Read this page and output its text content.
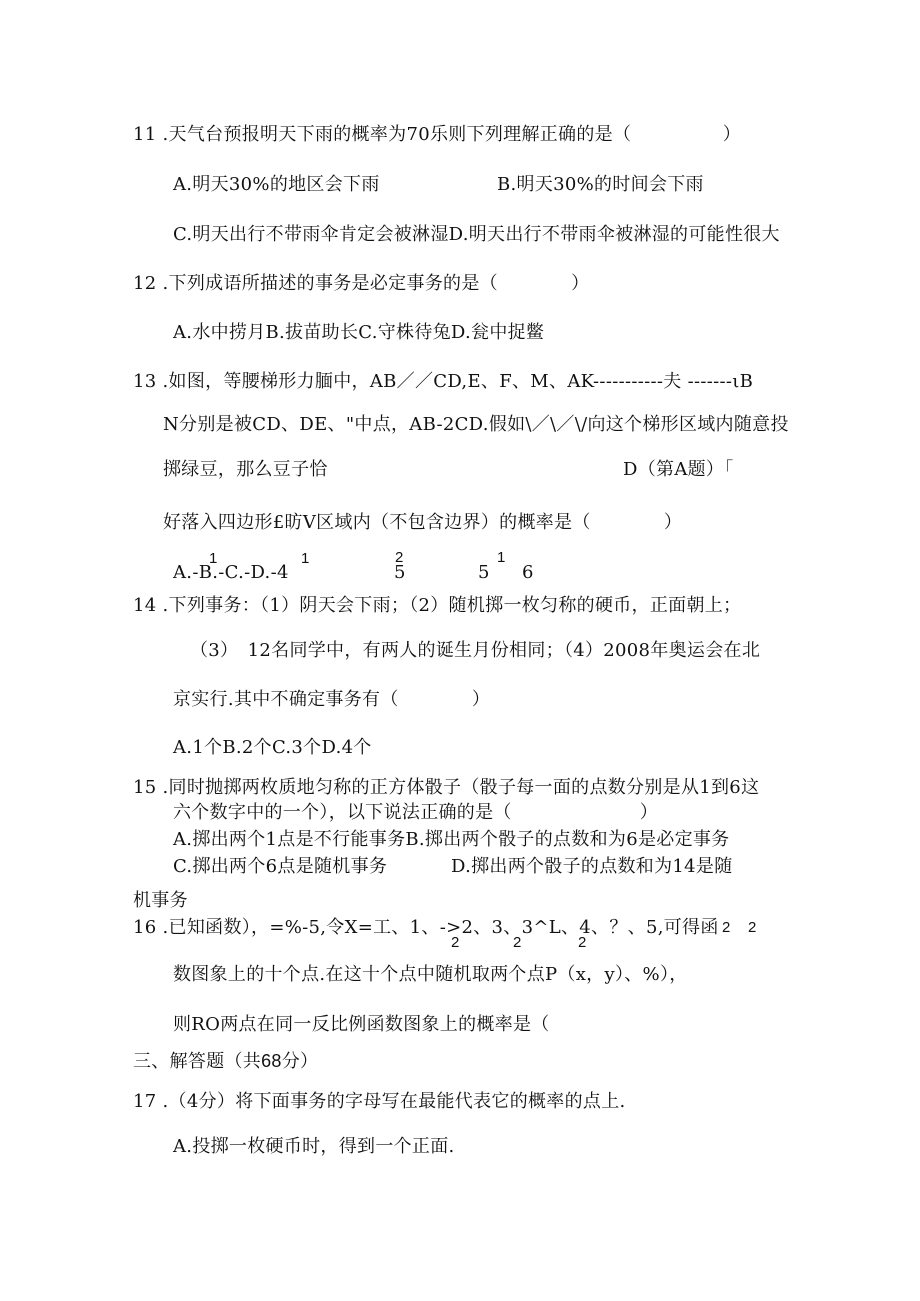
11 .天气台预报明天下雨的概率为70乐则下列理解正确的是（　　　　　）
A.明天30%的地区会下雨	B.明天30%的时间会下雨
C.明天出行不带雨伞肯定会被淋湿D.明天出行不带雨伞被淋湿的可能性很大
12 .下列成语所描述的事务是必定事务的是（　　　　）
A.水中捞月B.拔苗助长C.守株待兔D.瓮中捉鳖
13 .如图，等腰梯形力腼中，AB／／CD,E、F、M、AK-----------夫 -------ιB
N分别是被CD、DE、"中点，AB-2CD.假如\／\／\/向这个梯形区域内随意投
掷绿豆，那么豆子恰	D（第A题）「
好落入四边形£昉V区域内（不包含边界）的概率是（　　　　）
1	1	2	1
A.-B.-C.-D.-4	5	5 6
14 .下列事务：（1）阴天会下雨；（2）随机掷一枚匀称的硬币，正面朝上；
（3）　12名同学中，有两人的诞生月份相同；（4）2008年奥运会在北
京实行.其中不确定事务有（　　　　）
A.1个B.2个C.3个D.4个
15 .同时抛掷两枚质地匀称的正方体骰子（骰子每一面的点数分别是从1到6这
六个数字中的一个），以下说法正确的是（　　　　　　　）
A.掷出两个1点是不行能事务B.掷出两个骰子的点数和为6是必定事务
C.掷出两个6点是随机事务	D.掷出两个骰子的点数和为14是随
机事务
16 .已知函数），=%-5,令X=工、1、->2、3、3^L、4、？、5,可得函 2 2
2	2	2
数图象上的十个点.在这十个点中随机取两个点P（x，y）、%），
则RO两点在同一反比例函数图象上的概率是（
三、解答题（共68分）
17 .（4分）将下面事务的字母写在最能代表它的概率的点上.
A.投掷一枚硬币时，得到一个正面.
